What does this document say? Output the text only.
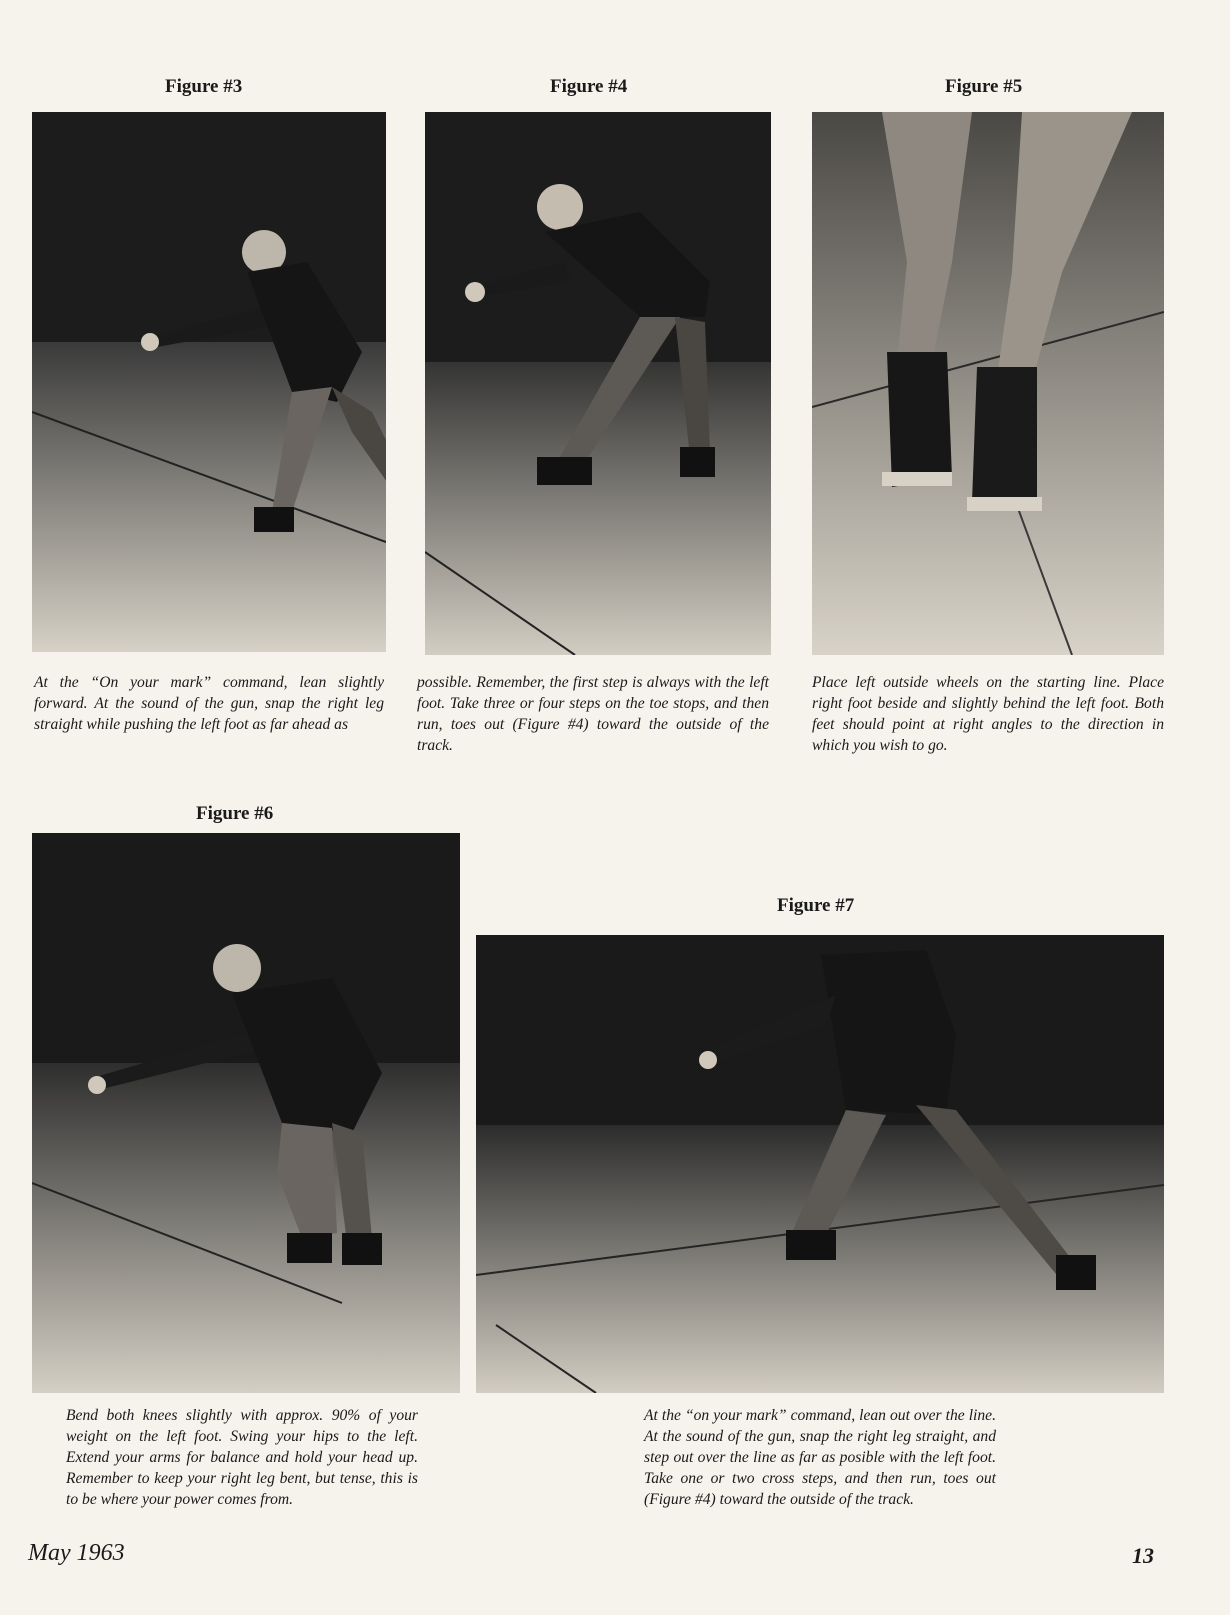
Figure #3

At the “On your mark” command, lean slightly forward. At the sound of the gun, snap the right leg straight while pushing the left foot as far ahead as

Figure #4

possible. Remember, the first step is always with the left foot. Take three or four steps on the toe stops, and then run, toes out (Figure #4) toward the outside of the track.

Figure #5

Place left outside wheels on the starting line. Place right foot beside and slightly behind the left foot. Both feet should point at right angles to the direction in which you wish to go.

Figure #6

Bend both knees slightly with approx. 90% of your weight on the left foot. Swing your hips to the left. Extend your arms for balance and hold your head up. Remember to keep your right leg bent, but tense, this is to be where your power comes from.

Figure #7

At the “on your mark” command, lean out over the line. At the sound of the gun, snap the right leg straight, and step out over the line as far as posible with the left foot. Take one or two cross steps, and then run, toes out (Figure #4) toward the outside of the track.

May 1963	13
